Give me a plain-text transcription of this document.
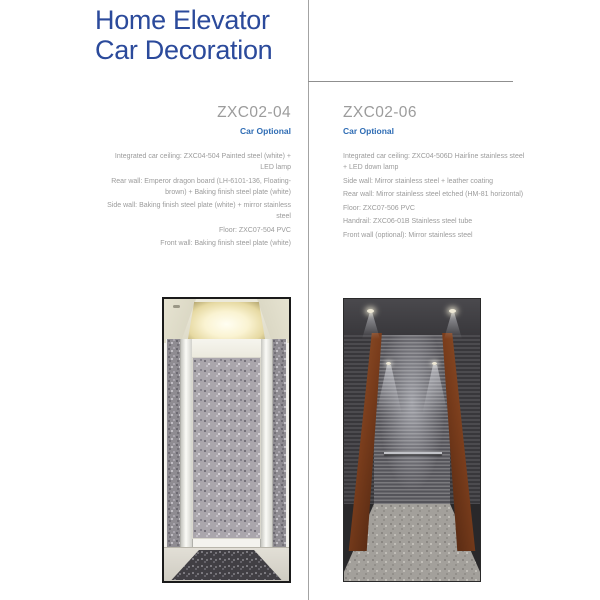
Home Elevator
Car Decoration
ZXC02-04
Car Optional

Integrated car ceiling: ZXC04-504 Painted steel (white) + LED lamp

Rear wall: Emperor dragon board (LH-6101-136, Floating-brown) + Baking finish steel plate (white)

Side wall: Baking finish steel plate (white) + mirror stainless steel

Floor: ZXC07-504 PVC

Front wall: Baking finish steel plate (white)

ZXC02-06
Car Optional

Integrated car ceiling: ZXC04-506D Hairline stainless steel + LED down lamp

Side wall: Mirror stainless steel + leather coating

Rear wall: Mirror stainless steel etched (HM-81 horizontal)

Floor: ZXC07-506 PVC

Handrail: ZXC06-01B Stainless steel tube

Front wall (optional): Mirror stainless steel
